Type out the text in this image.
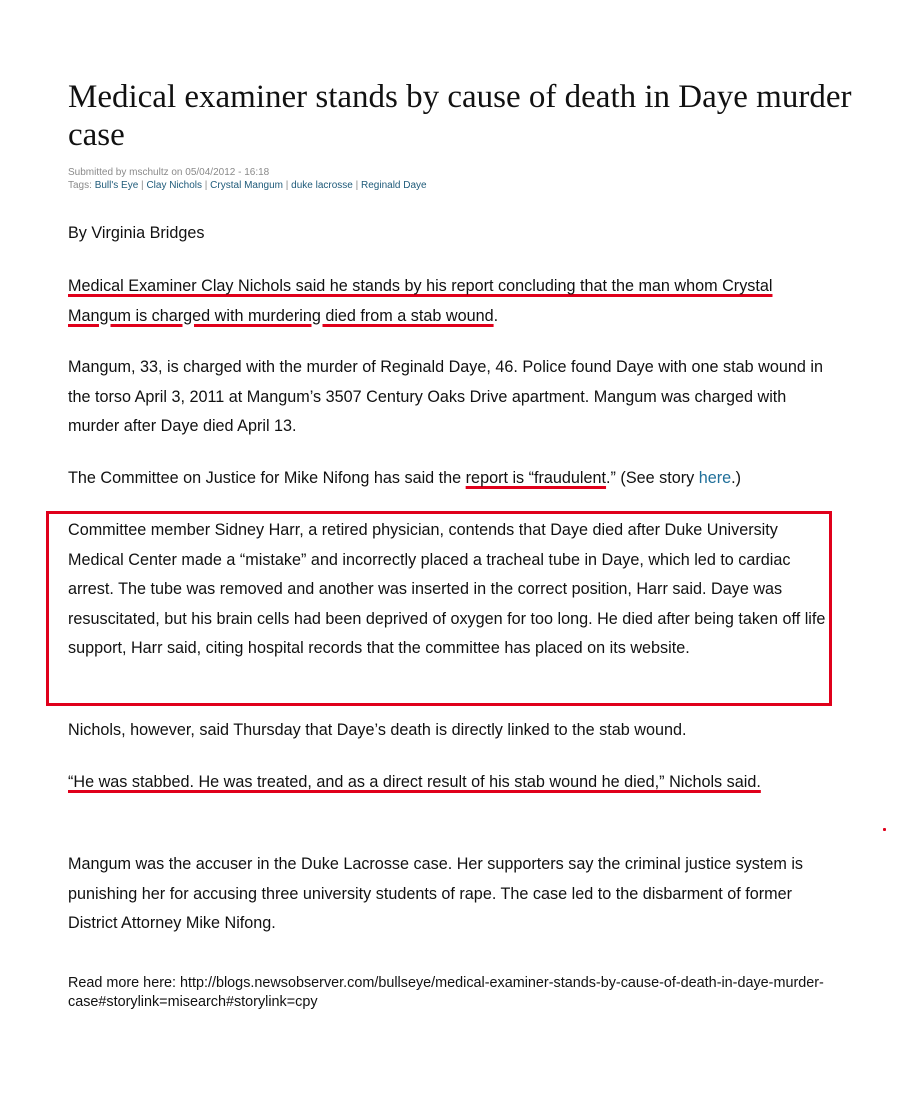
Medical examiner stands by cause of death in Daye murder case
Submitted by mschultz on 05/04/2012 - 16:18
Tags: Bull's Eye | Clay Nichols | Crystal Mangum | duke lacrosse | Reginald Daye

By Virginia Bridges

Medical Examiner Clay Nichols said he stands by his report concluding that the man whom Crystal Mangum is charged with murdering died from a stab wound.

Mangum, 33, is charged with the murder of Reginald Daye, 46. Police found Daye with one stab wound in the torso April 3, 2011 at Mangum’s 3507 Century Oaks Drive apartment. Mangum was charged with murder after Daye died April 13.

The Committee on Justice for Mike Nifong has said the report is “fraudulent.” (See story here.)

Committee member Sidney Harr, a retired physician, contends that Daye died after Duke University Medical Center made a “mistake” and incorrectly placed a tracheal tube in Daye, which led to cardiac arrest. The tube was removed and another was inserted in the correct position, Harr said. Daye was resuscitated, but his brain cells had been deprived of oxygen for too long. He died after being taken off life support, Harr said, citing hospital records that the committee has placed on its website.

Nichols, however, said Thursday that Daye’s death is directly linked to the stab wound.

“He was stabbed. He was treated, and as a direct result of his stab wound he died,” Nichols said.

Mangum was the accuser in the Duke Lacrosse case. Her supporters say the criminal justice system is punishing her for accusing three university students of rape. The case led to the disbarment of former District Attorney Mike Nifong.

Read more here: http://blogs.newsobserver.com/bullseye/medical-examiner-stands-by-cause-of-death-in-daye-murder-case#storylink=misearch#storylink=cpy
